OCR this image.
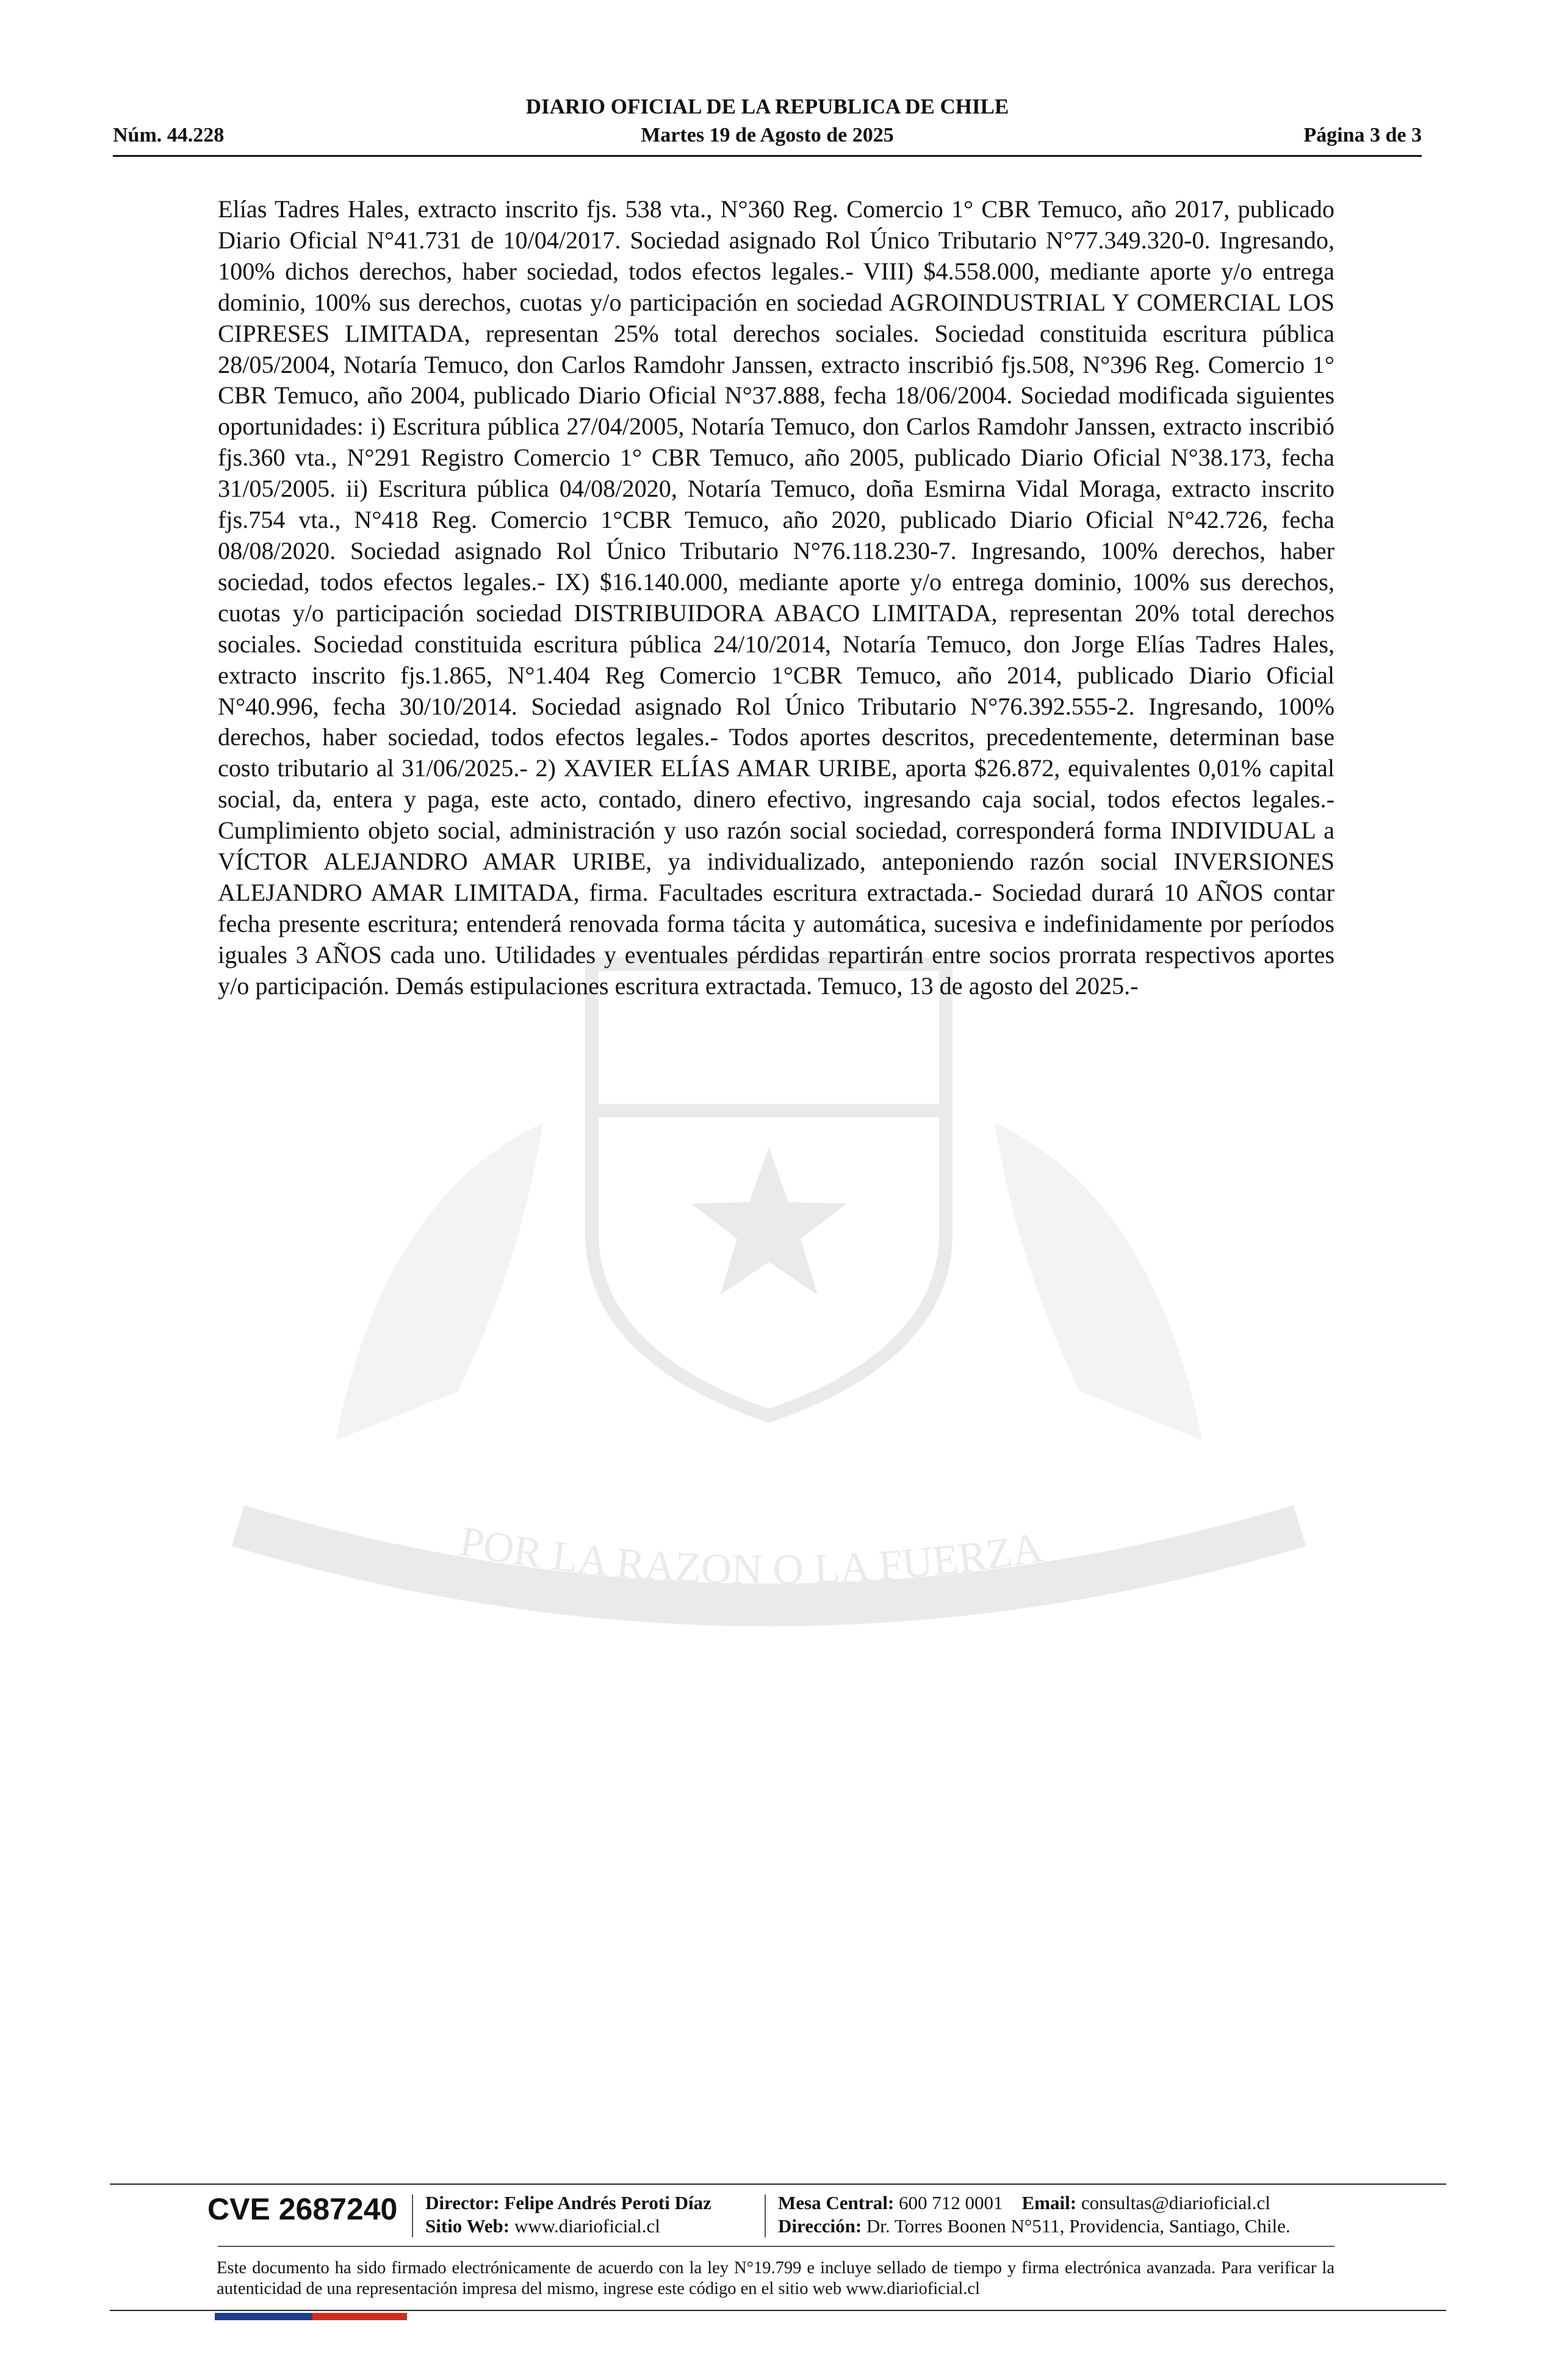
DIARIO OFICIAL DE LA REPUBLICA DE CHILE
Núm. 44.228	Martes 19 de Agosto de 2025	Página 3 de 3
POR LA RAZON O LA FUERZA

Elías Tadres Hales, extracto inscrito fjs. 538 vta., N°360 Reg. Comercio 1° CBR Temuco, año 2017, publicado Diario Oficial N°41.731 de 10/04/2017. Sociedad asignado Rol Único Tributario N°77.349.320-0. Ingresando, 100% dichos derechos, haber sociedad, todos efectos legales.- VIII) $4.558.000, mediante aporte y/o entrega dominio, 100% sus derechos, cuotas y/o participación en sociedad AGROINDUSTRIAL Y COMERCIAL LOS CIPRESES LIMITADA, representan 25% total derechos sociales. Sociedad constituida escritura pública 28/05/2004, Notaría Temuco, don Carlos Ramdohr Janssen, extracto inscribió fjs.508, N°396 Reg. Comercio 1° CBR Temuco, año 2004, publicado Diario Oficial N°37.888, fecha 18/06/2004. Sociedad modificada siguientes oportunidades: i) Escritura pública 27/04/2005, Notaría Temuco, don Carlos Ramdohr Janssen, extracto inscribió fjs.360 vta., N°291 Registro Comercio 1° CBR Temuco, año 2005, publicado Diario Oficial N°38.173, fecha 31/05/2005. ii) Escritura pública 04/08/2020, Notaría Temuco, doña Esmirna Vidal Moraga, extracto inscrito fjs.754 vta., N°418 Reg. Comercio 1°CBR Temuco, año 2020, publicado Diario Oficial N°42.726, fecha 08/08/2020. Sociedad asignado Rol Único Tributario N°76.118.230-7. Ingresando, 100% derechos, haber sociedad, todos efectos legales.- IX) $16.140.000, mediante aporte y/o entrega dominio, 100% sus derechos, cuotas y/o participación sociedad DISTRIBUIDORA ABACO LIMITADA, representan 20% total derechos sociales. Sociedad constituida escritura pública 24/10/2014, Notaría Temuco, don Jorge Elías Tadres Hales, extracto inscrito fjs.1.865, N°1.404 Reg Comercio 1°CBR Temuco, año 2014, publicado Diario Oficial N°40.996, fecha 30/10/2014. Sociedad asignado Rol Único Tributario N°76.392.555-2. Ingresando, 100% derechos, haber sociedad, todos efectos legales.- Todos aportes descritos, precedentemente, determinan base costo tributario al 31/06/2025.- 2) XAVIER ELÍAS AMAR URIBE, aporta $26.872, equivalentes 0,01% capital social, da, entera y paga, este acto, contado, dinero efectivo, ingresando caja social, todos efectos legales.- Cumplimiento objeto social, administración y uso razón social sociedad, corresponderá forma INDIVIDUAL a VÍCTOR ALEJANDRO AMAR URIBE, ya individualizado, anteponiendo razón social INVERSIONES ALEJANDRO AMAR LIMITADA, firma. Facultades escritura extractada.- Sociedad durará 10 AÑOS contar fecha presente escritura; entenderá renovada forma tácita y automática, sucesiva e indefinidamente por períodos iguales 3 AÑOS cada uno. Utilidades y eventuales pérdidas repartirán entre socios prorrata respectivos aportes y/o participación. Demás estipulaciones escritura extractada. Temuco, 13 de agosto del 2025.-

CVE 2687240 Director: Felipe Andrés Peroti Díaz
Sitio Web: www.diarioficial.cl
Mesa Central: 600 712 0001 Email: consultas@diarioficial.cl
Dirección: Dr. Torres Boonen N°511, Providencia, Santiago, Chile.
Este documento ha sido firmado electrónicamente de acuerdo con la ley N°19.799 e incluye sellado de tiempo y firma electrónica avanzada. Para verificar la autenticidad de una representación impresa del mismo, ingrese este código en el sitio web www.diarioficial.cl
